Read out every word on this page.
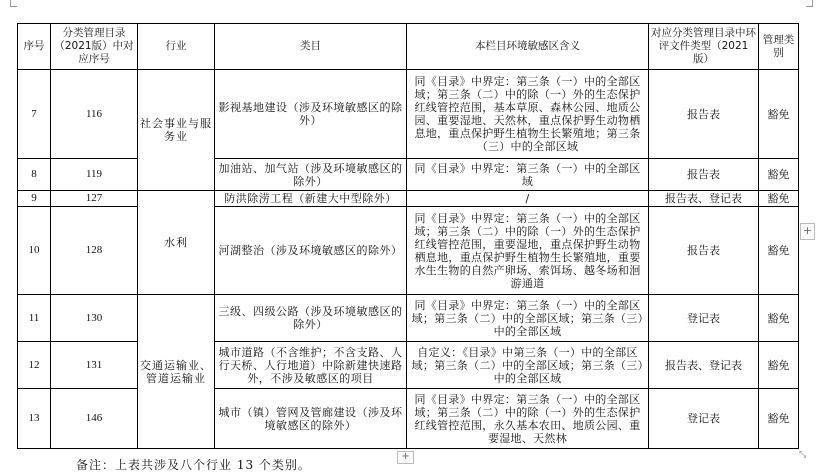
序号	分类管理目录（2021版）中对应序号	行业	类目	本栏目环境敏感区含义	对应分类管理目录中环评文件类型（2021版）	管理类别
7	116	社会事业与服务业	影视基地建设（涉及环境敏感区的除外）	同《目录》中界定：第三条（一）中的全部区域；第三条（二）中的除（一）外的生态保护红线管控范围，基本草原、森林公园、地质公园、重要湿地、天然林，重点保护野生动物栖息地，重点保护野生植物生长繁殖地；第三条（三）中的全部区域	报告表	豁免
8	119		加油站、加气站（涉及环境敏感区的除外）	同《目录》中界定：第三条（一）中的全部区域	报告表	豁免
9	127	水利	防洪除涝工程（新建大中型除外）	/	报告表、登记表	豁免
10	128		河湖整治（涉及环境敏感区的除外）	同《目录》中界定：第三条（一）中的全部区域；第三条（二）中的除（一）外的生态保护红线管控范围，重要湿地，重点保护野生动物栖息地，重点保护野生植物生长繁殖地，重要水生生物的自然产卵场、索饵场、越冬场和洄游通道	报告表	豁免
11	130	交通运输业、管道运输业	三级、四级公路（涉及环境敏感区的除外）	同《目录》中界定：第三条（一）中的全部区域；第三条（二）中的全部区域；第三条（三）中的全部区域	登记表	豁免
12	131		城市道路（不含维护；不含支路、人行天桥、人行地道）中除新建快速路外，不涉及敏感区的项目	自定义：《目录》中第三条（一）中的全部区域；第三条（二）中的全部区域；第三条（三）中的全部区域	报告表、登记表	豁免
13	146		城市（镇）管网及管廊建设（涉及环境敏感区的除外）	同《目录》中界定：第三条（一）中的全部区域；第三条（二）中的除（一）外的生态保护红线管控范围，永久基本农田、地质公园、重要湿地、天然林	登记表	豁免
备注：上表共涉及八个行业 13 个类别。
+
+	⤡
